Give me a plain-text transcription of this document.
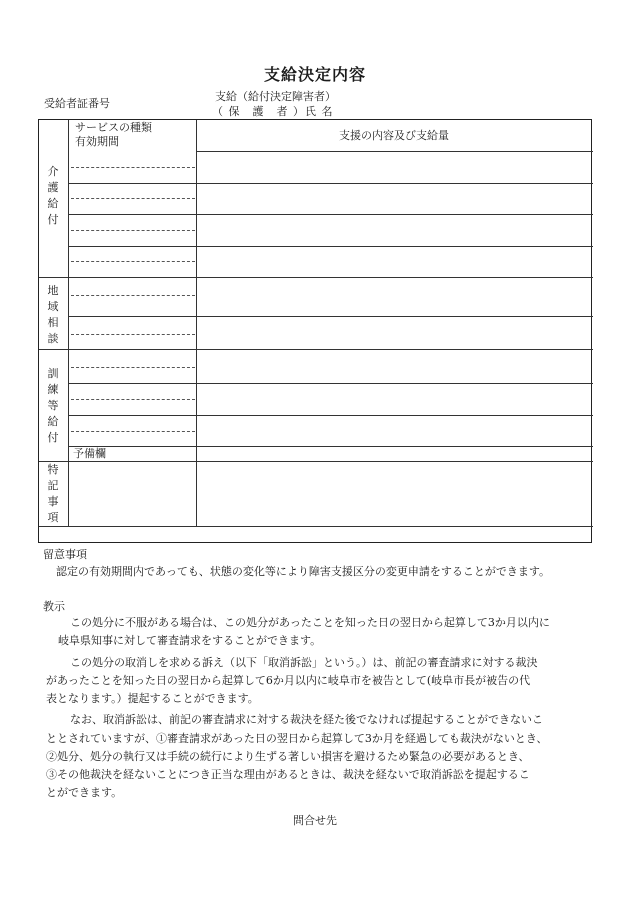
支給決定内容
受給者証番号
支給（給付決定障害者）
（ 保　護　者 ）氏 名
サービスの種類
有効期間	支援の内容及び支給量
予備欄
介
護
給
付
地
域
相
談
訓
練
等
給
付
特
記
事
項
留意事項
認定の有効期間内であっても、状態の変化等により障害支援区分の変更申請をすることができます。
教示
この処分に不服がある場合は、この処分があったことを知った日の翌日から起算して3か月以内に
岐阜県知事に対して審査請求をすることができます。
この処分の取消しを求める訴え（以下「取消訴訟」という。）は、前記の審査請求に対する裁決
があったことを知った日の翌日から起算して6か月以内に岐阜市を被告として(岐阜市長が被告の代
表となります。）提起することができます。
なお、取消訴訟は、前記の審査請求に対する裁決を経た後でなければ提起することができないこ
ととされていますが、①審査請求があった日の翌日から起算して3か月を経過しても裁決がないとき、
②処分、処分の執行又は手続の続行により生ずる著しい損害を避けるため緊急の必要があるとき、
③その他裁決を経ないことにつき正当な理由があるときは、裁決を経ないで取消訴訟を提起するこ
とができます。
問合せ先
